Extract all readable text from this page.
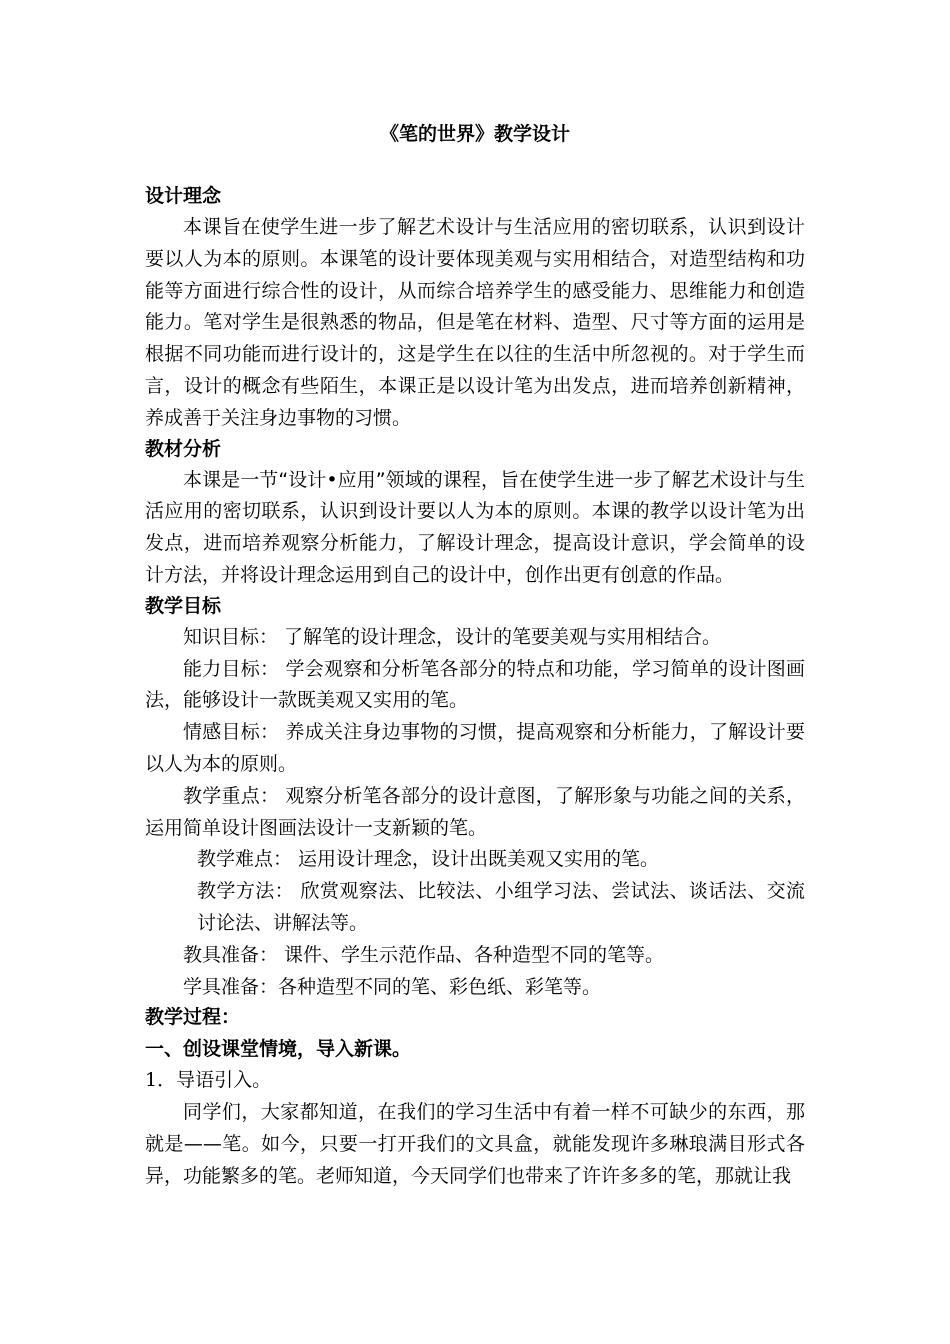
《笔的世界》教学设计
设计理念

本课旨在使学生进一步了解艺术设计与生活应用的密切联系，认识到设计要以人为本的原则。本课笔的设计要体现美观与实用相结合，对造型结构和功能等方面进行综合性的设计，从而综合培养学生的感受能力、思维能力和创造能力。笔对学生是很熟悉的物品，但是笔在材料、造型、尺寸等方面的运用是根据不同功能而进行设计的，这是学生在以往的生活中所忽视的。对于学生而言，设计的概念有些陌生，本课正是以设计笔为出发点，进而培养创新精神，养成善于关注身边事物的习惯。

教材分析

本课是一节“设计•应用”领域的课程，旨在使学生进一步了解艺术设计与生活应用的密切联系，认识到设计要以人为本的原则。本课的教学以设计笔为出发点，进而培养观察分析能力，了解设计理念，提高设计意识，学会简单的设计方法，并将设计理念运用到自己的设计中，创作出更有创意的作品。

教学目标

知识目标： 了解笔的设计理念，设计的笔要美观与实用相结合。

能力目标： 学会观察和分析笔各部分的特点和功能，学习简单的设计图画法，能够设计一款既美观又实用的笔。

情感目标： 养成关注身边事物的习惯，提高观察和分析能力，了解设计要以人为本的原则。

教学重点： 观察分析笔各部分的设计意图，了解形象与功能之间的关系，运用简单设计图画法设计一支新颖的笔。

教学难点： 运用设计理念，设计出既美观又实用的笔。

教学方法： 欣赏观察法、比较法、小组学习法、尝试法、谈话法、交流讨论法、讲解法等。

教具准备： 课件、学生示范作品、各种造型不同的笔等。

学具准备：各种造型不同的笔、彩色纸、彩笔等。

教学过程：
一、创设课堂情境，导入新课。

1．导语引入。

同学们，大家都知道，在我们的学习生活中有着一样不可缺少的东西，那就是——笔。如今，只要一打开我们的文具盒，就能发现许多琳琅满目形式各异，功能繁多的笔。老师知道，今天同学们也带来了许许多多的笔，那就让我
